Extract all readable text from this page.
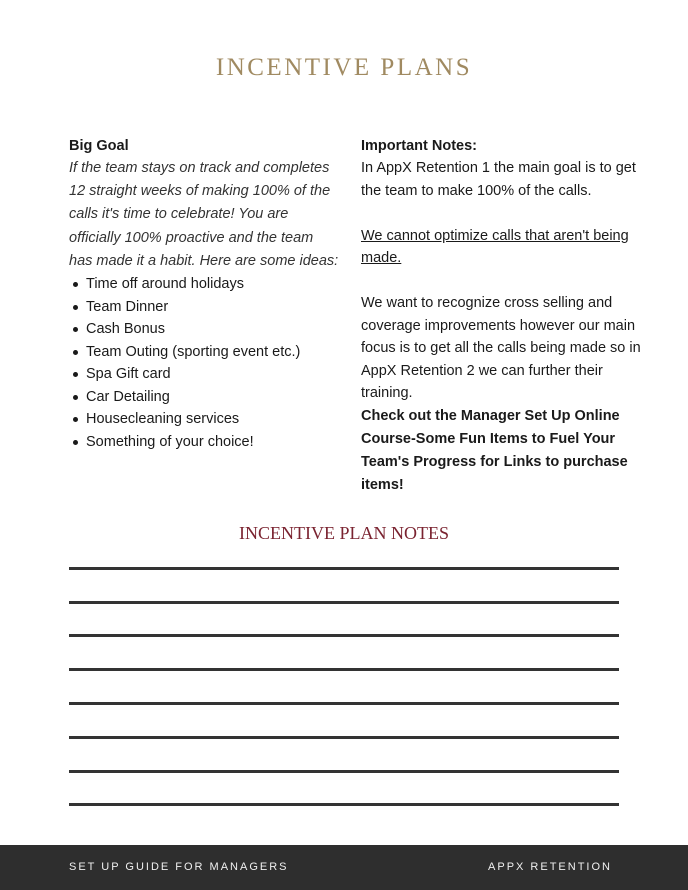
INCENTIVE PLANS
Big Goal

If the team stays on track and completes 12 straight weeks of making 100% of the calls it's time to celebrate! You are officially 100% proactive and the team has made it a habit. Here are some ideas:

Time off around holidays
Team Dinner
Cash Bonus
Team Outing (sporting event etc.)
Spa Gift card
Car Detailing
Housecleaning services
Something of your choice!
Important Notes:

In AppX Retention 1 the main goal is to get the team to make 100% of the calls.

We cannot optimize calls that aren't being made.

We want to recognize cross selling and coverage improvements however our main focus is to get all the calls being made so in AppX Retention 2 we can further their training.

Check out the Manager Set Up Online Course-Some Fun Items to Fuel Your Team's Progress for Links to purchase items!

INCENTIVE PLAN NOTES
SET UP GUIDE FOR MANAGERS	APPX RETENTION
